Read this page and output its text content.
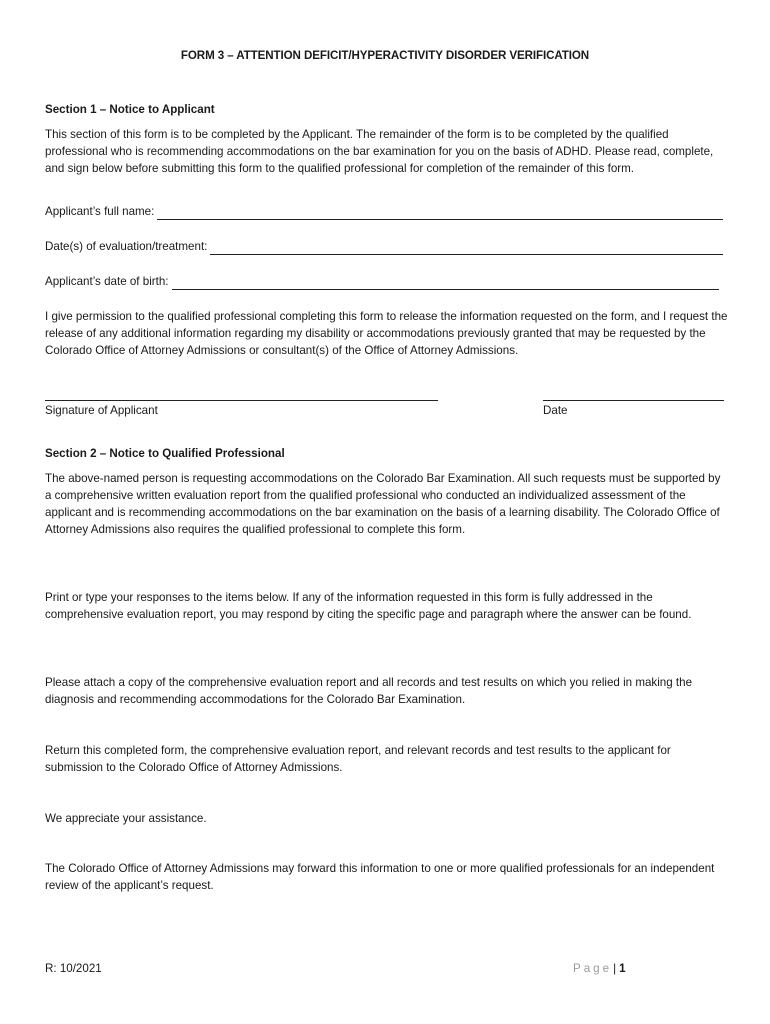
FORM 3 – ATTENTION DEFICIT/HYPERACTIVITY DISORDER VERIFICATION
Section 1 – Notice to Applicant
This section of this form is to be completed by the Applicant. The remainder of the form is to be completed by the qualified professional who is recommending accommodations on the bar examination for you on the basis of ADHD. Please read, complete, and sign below before submitting this form to the qualified professional for completion of the remainder of this form.
Applicant’s full name:
Date(s) of evaluation/treatment:
Applicant’s date of birth:
I give permission to the qualified professional completing this form to release the information requested on the form, and I request the release of any additional information regarding my disability or accommodations previously granted that may be requested by the Colorado Office of Attorney Admissions or consultant(s) of the Office of Attorney Admissions.
Signature of Applicant	Date
Section 2 – Notice to Qualified Professional
The above-named person is requesting accommodations on the Colorado Bar Examination. All such requests must be supported by a comprehensive written evaluation report from the qualified professional who conducted an individualized assessment of the applicant and is recommending accommodations on the bar examination on the basis of a learning disability. The Colorado Office of Attorney Admissions also requires the qualified professional to complete this form.
Print or type your responses to the items below. If any of the information requested in this form is fully addressed in the comprehensive evaluation report, you may respond by citing the specific page and paragraph where the answer can be found.
Please attach a copy of the comprehensive evaluation report and all records and test results on which you relied in making the diagnosis and recommending accommodations for the Colorado Bar Examination.
Return this completed form, the comprehensive evaluation report, and relevant records and test results to the applicant for submission to the Colorado Office of Attorney Admissions.
We appreciate your assistance.
The Colorado Office of Attorney Admissions may forward this information to one or more qualified professionals for an independent review of the applicant’s request.
R: 10/2021	Page| 1
